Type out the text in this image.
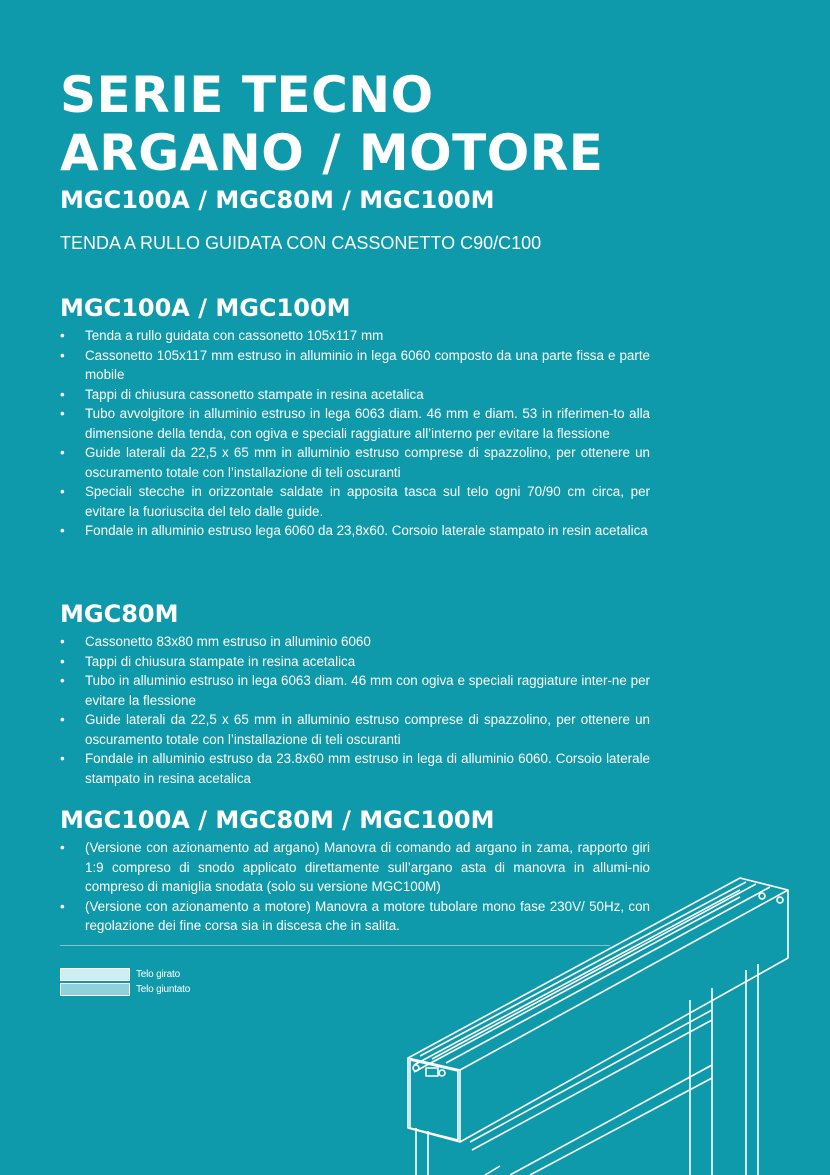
SERIE TECNO
ARGANO / MOTORE
MGC100A / MGC80M / MGC100M
TENDA A RULLO GUIDATA CON CASSONETTO C90/C100
MGC100A / MGC100M
• Tenda a rullo guidata con cassonetto 105x117 mm
• Cassonetto 105x117 mm estruso in alluminio in lega 6060 composto da una parte fissa e parte mobile
• Tappi di chiusura cassonetto stampate in resina acetalica
• Tubo avvolgitore in alluminio estruso in lega 6063 diam. 46 mm e diam. 53 in riferimen-to alla dimensione della tenda, con ogiva e speciali raggiature all’interno per evitare la flessione
• Guide laterali da 22,5 x 65 mm in alluminio estruso comprese di spazzolino, per ottenere un oscuramento totale con l’installazione di teli oscuranti
• Speciali stecche in orizzontale saldate in apposita tasca sul telo ogni 70/90 cm circa, per evitare la fuoriuscita del telo dalle guide.
• Fondale in alluminio estruso lega 6060 da 23,8x60. Corsoio laterale stampato in resin acetalica
MGC80M
• Cassonetto 83x80 mm estruso in alluminio 6060
• Tappi di chiusura stampate in resina acetalica
• Tubo in alluminio estruso in lega 6063 diam. 46 mm con ogiva e speciali raggiature inter-ne per evitare la flessione
• Guide laterali da 22,5 x 65 mm in alluminio estruso comprese di spazzolino, per ottenere un oscuramento totale con l’installazione di teli oscuranti
• Fondale in alluminio estruso da 23.8x60 mm estruso in lega di alluminio 6060. Corsoio laterale stampato in resina acetalica
MGC100A / MGC80M / MGC100M
• (Versione con azionamento ad argano) Manovra di comando ad argano in zama, rapporto giri 1:9 compreso di snodo applicato direttamente sull’argano asta di manovra in allumi-nio compreso di maniglia snodata (solo su versione MGC100M)
• (Versione con azionamento a motore) Manovra a motore tubolare mono fase 230V/ 50Hz, con regolazione dei fine corsa sia in discesa che in salita.
Telo girato
Telo giuntato
